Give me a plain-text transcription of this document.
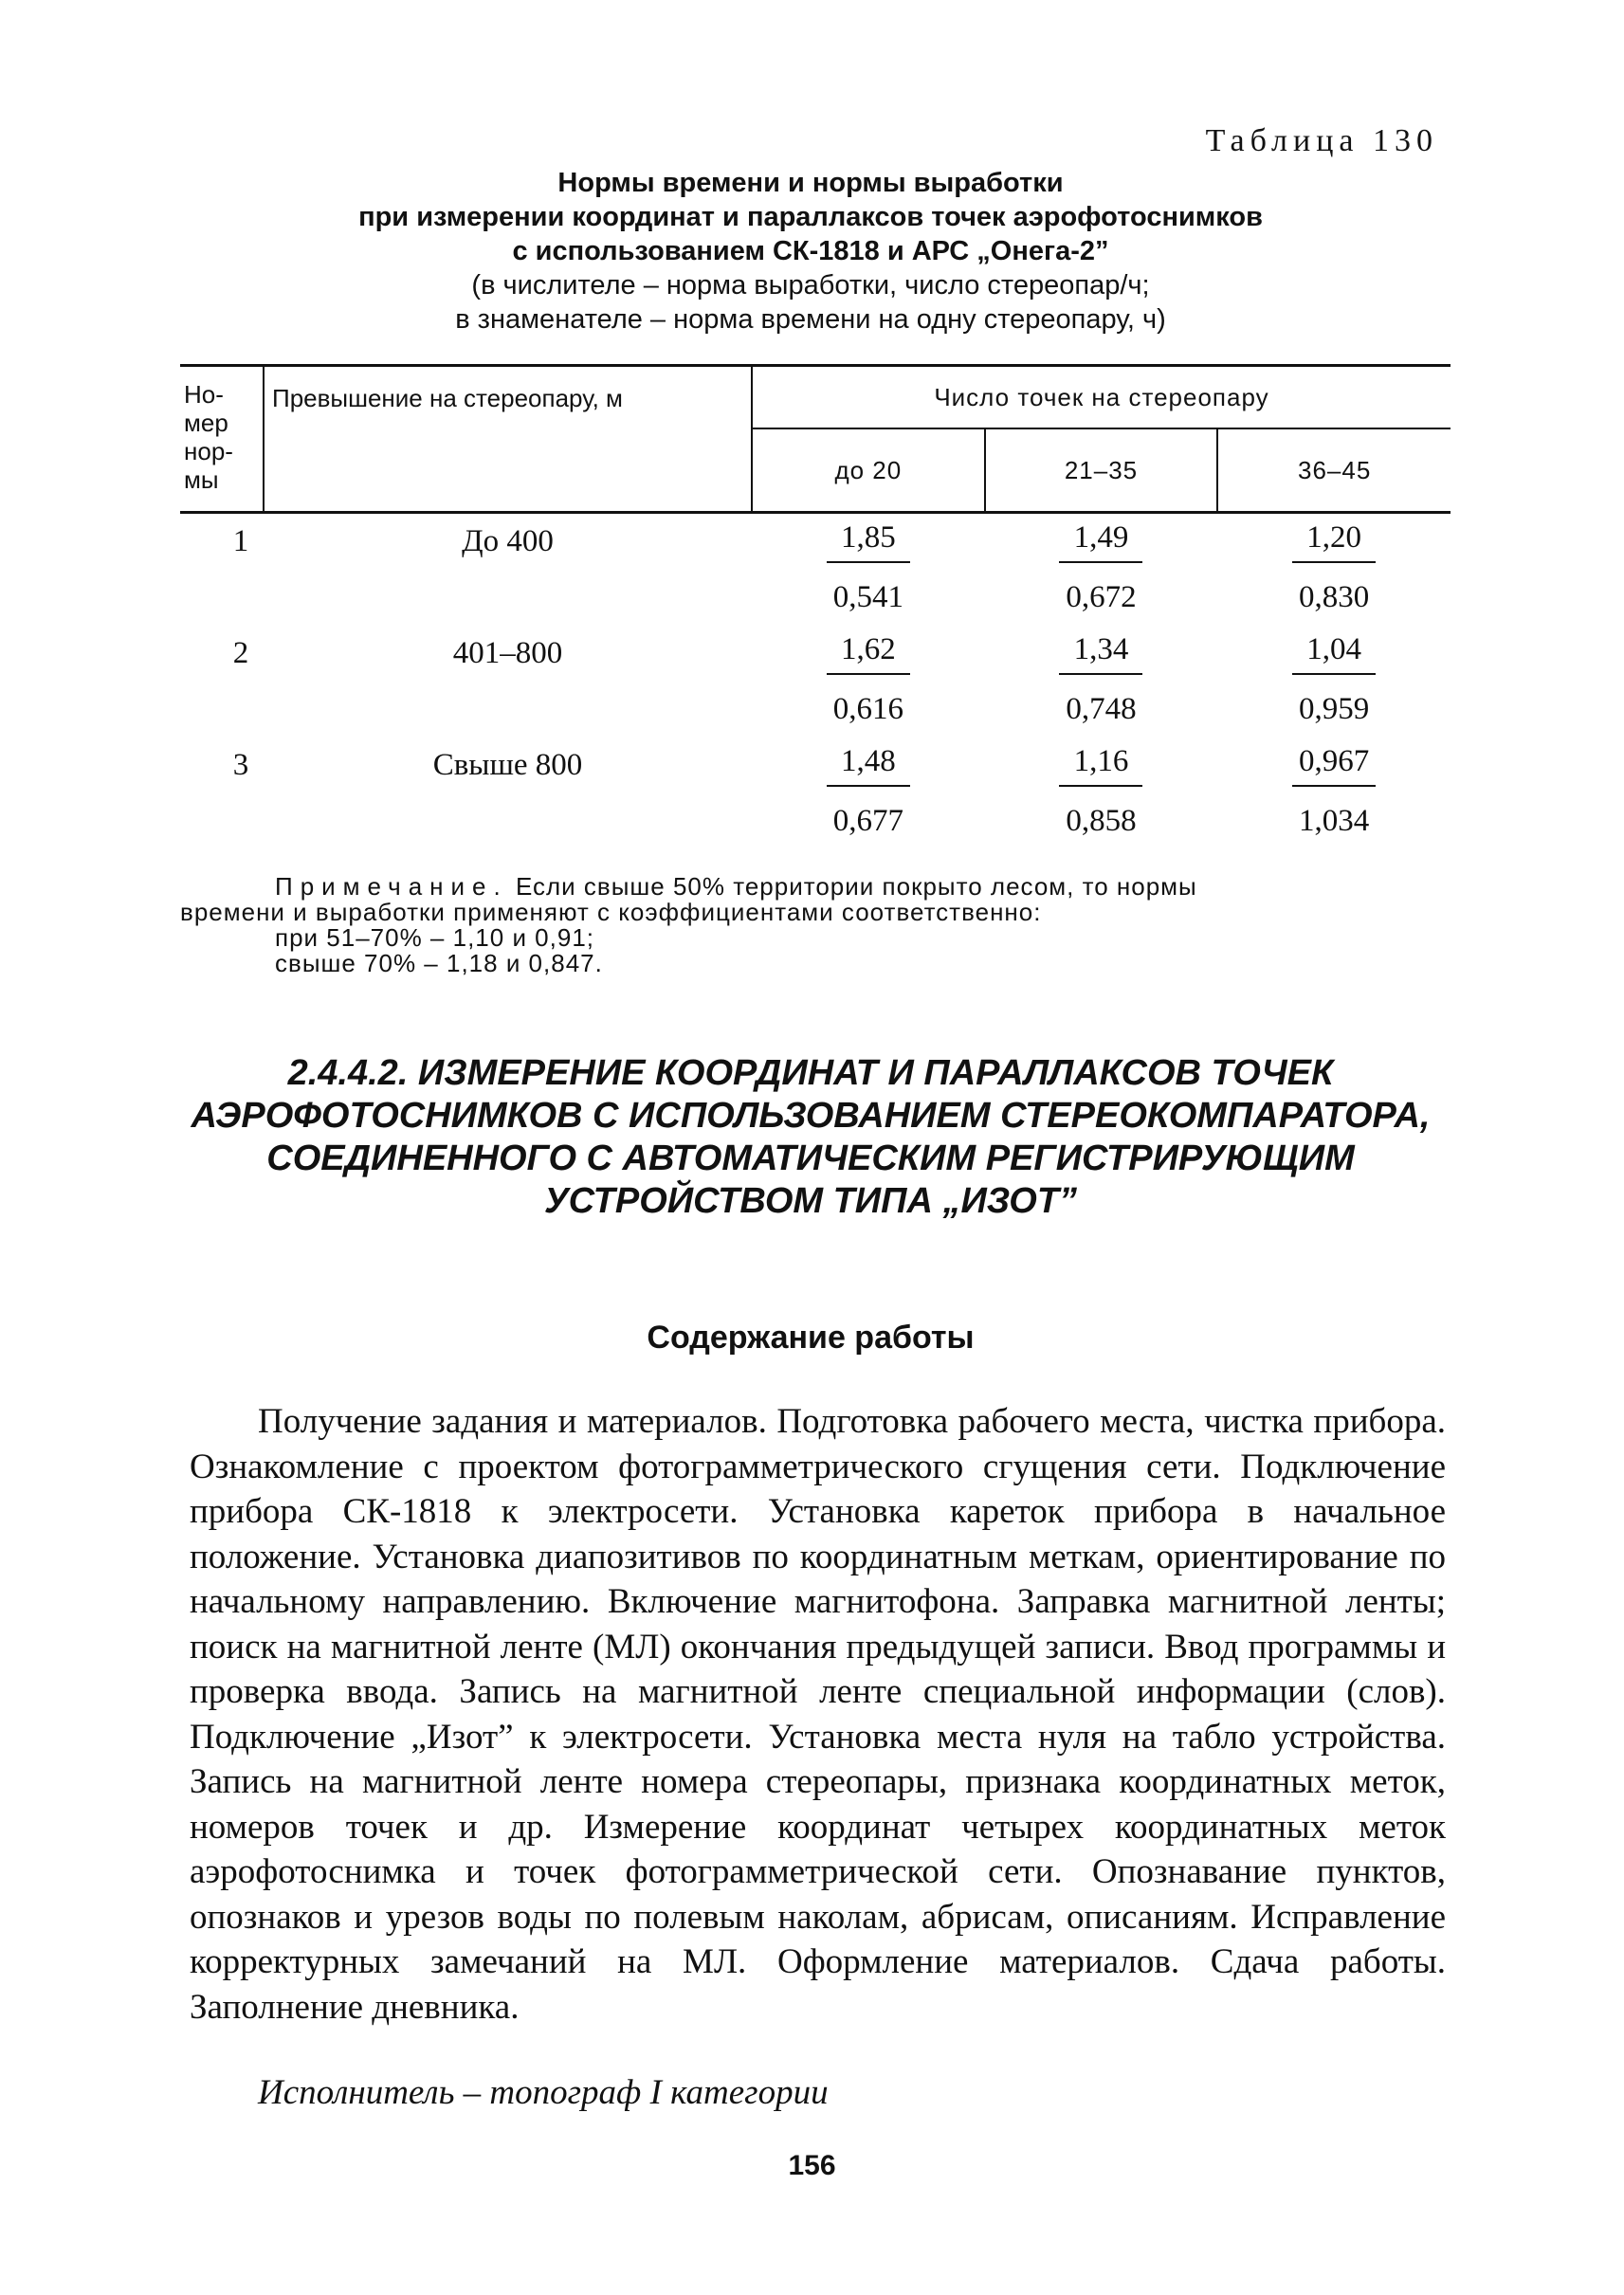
Таблица 130
Нормы времени и нормы выработки
при измерении координат и параллаксов точек аэрофотоснимков
с использованием СК-1818 и АРС „Онега-2”
(в числителе – норма выработки, число стереопар/ч;
в знаменателе – норма времени на одну стереопару, ч)
Но-
мер
нор-
мы	Превышение на стереопару, м	Число точек на стереопару		
		до 20	21–35	36–45
1	До 400	1,85	1,49	1,20
		0,541	0,672	0,830
2	401–800	1,62	1,34	1,04
		0,616	0,748	0,959
3	Свыше 800	1,48	1,16	0,967
		0,677	0,858	1,034
Примечание. Если свыше 50% территории покрыто лесом, то нормы
времени и выработки применяют с коэффициентами соответственно:
при 51–70% – 1,10 и 0,91;
свыше 70% – 1,18 и 0,847.
2.4.4.2. ИЗМЕРЕНИЕ КООРДИНАТ И ПАРАЛЛАКСОВ ТОЧЕК
АЭРОФОТОСНИМКОВ С ИСПОЛЬЗОВАНИЕМ СТЕРЕОКОМПАРАТОРА,
СОЕДИНЕННОГО С АВТОМАТИЧЕСКИМ РЕГИСТРИРУЮЩИМ
УСТРОЙСТВОМ ТИПА „ИЗОТ”
Содержание работы

Получение задания и материалов. Подготовка рабочего места, чистка прибора. Ознакомление с проектом фотограмметрического сгущения сети. Подключение прибора СК-1818 к электросети. Установка кареток прибора в начальное положение. Установка диапозитивов по координатным меткам, ориентирование по начальному направлению. Включение магнитофона. Заправка магнитной ленты; поиск на магнитной ленте (МЛ) окончания предыдущей записи. Ввод программы и проверка ввода. Запись на магнитной ленте специальной информации (слов). Подключение „Изот” к электросети. Установка места нуля на табло устройства. Запись на магнитной ленте номера стереопары, признака координатных меток, номеров точек и др. Измерение координат четырех координатных меток аэрофотоснимка и точек фотограмметрической сети. Опознавание пунктов, опознаков и урезов воды по полевым наколам, абрисам, описаниям. Исправление корректурных замечаний на МЛ. Оформление материалов. Сдача работы. Заполнение дневника.

Исполнитель – топограф I категории
156
